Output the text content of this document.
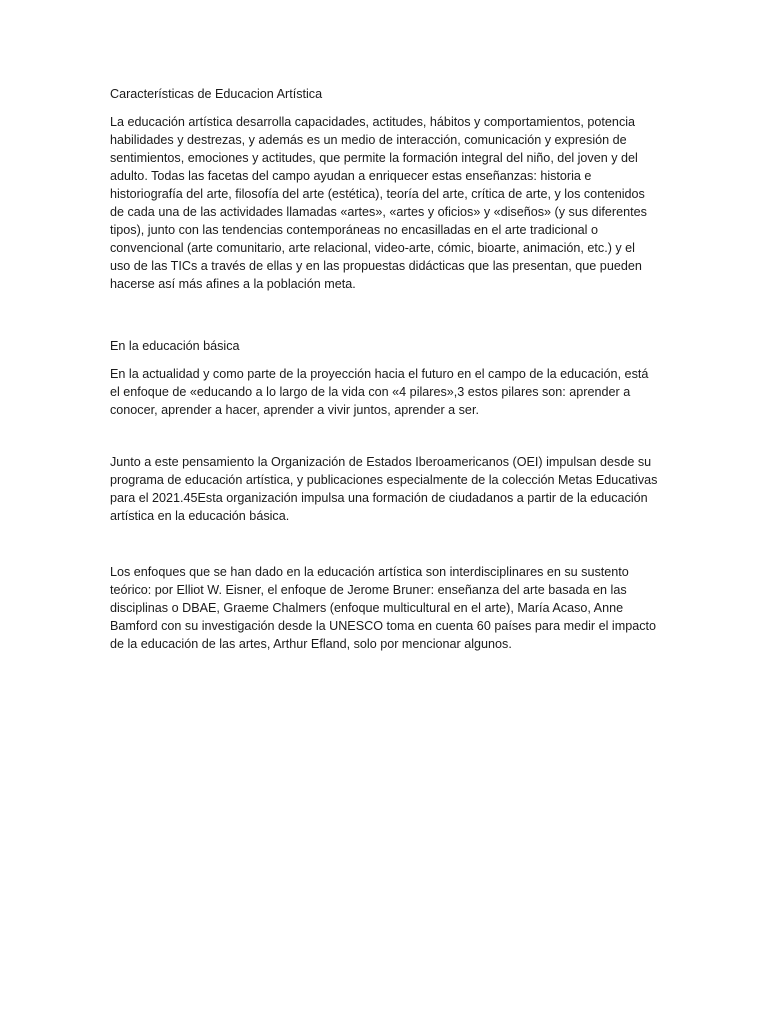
Características de Educacion Artística

La educación artística desarrolla capacidades, actitudes, hábitos y comportamientos, potencia habilidades y destrezas, y además es un medio de interacción, comunicación y expresión de sentimientos, emociones y actitudes, que permite la formación integral del niño, del joven y del adulto. Todas las facetas del campo ayudan a enriquecer estas enseñanzas: historia e historiografía del arte, filosofía del arte (estética), teoría del arte, crítica de arte, y los contenidos de cada una de las actividades llamadas «artes», «artes y oficios» y «diseños» (y sus diferentes tipos), junto con las tendencias contemporáneas no encasilladas en el arte tradicional o convencional (arte comunitario, arte relacional, video-arte, cómic, bioarte, animación, etc.) y el uso de las TICs a través de ellas y en las propuestas didácticas que las presentan, que pueden hacerse así más afines a la población meta.

En la educación básica

En la actualidad y como parte de la proyección hacia el futuro en el campo de la educación, está el enfoque de «educando a lo largo de la vida con «4 pilares»,3 estos pilares son: aprender a conocer, aprender a hacer, aprender a vivir juntos, aprender a ser.

Junto a este pensamiento la Organización de Estados Iberoamericanos (OEI) impulsan desde su programa de educación artística, y publicaciones especialmente de la colección Metas Educativas para el 2021.45Esta organización impulsa una formación de ciudadanos a partir de la educación artística en la educación básica.

Los enfoques que se han dado en la educación artística son interdisciplinares en su sustento teórico: por Elliot W. Eisner, el enfoque de Jerome Bruner: enseñanza del arte basada en las disciplinas o DBAE, Graeme Chalmers (enfoque multicultural en el arte), María Acaso, Anne Bamford con su investigación desde la UNESCO toma en cuenta 60 países para medir el impacto de la educación de las artes, Arthur Efland, solo por mencionar algunos.
